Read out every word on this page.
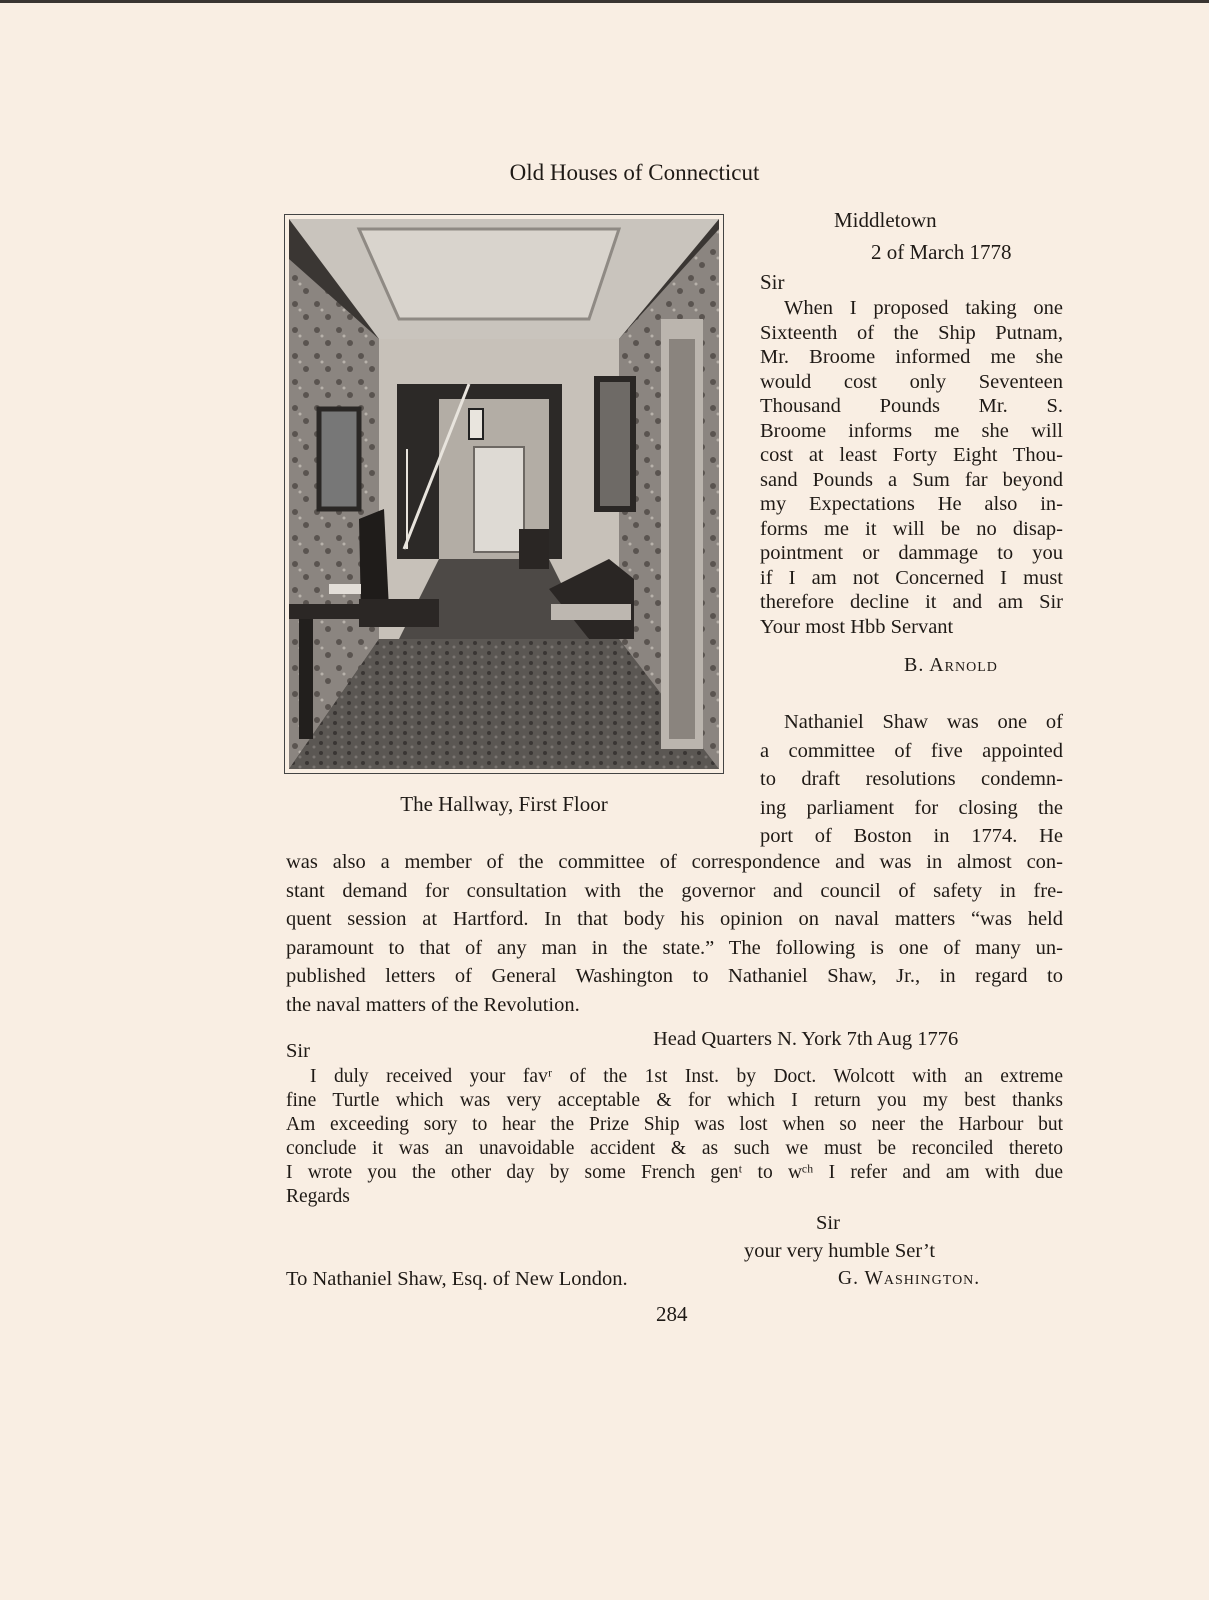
Old Houses of Connecticut
The Hallway, First Floor
Middletown
2 of March 1778
Sir

When I proposed taking one

Sixteenth of the Ship Putnam,

Mr. Broome informed me she

would cost only Seventeen

Thousand Pounds Mr. S.

Broome informs me she will

cost at least Forty Eight Thou-

sand Pounds a Sum far beyond

my Expectations He also in-

forms me it will be no disap-

pointment or dammage to you

if I am not Concerned I must

therefore decline it and am Sir

Your most Hbb Servant

B. Arnold

Nathaniel Shaw was one of

a committee of five appointed

to draft resolutions condemn-

ing parliament for closing the

port of Boston in 1774. He

was also a member of the committee of correspondence and was in almost con-

stant demand for consultation with the governor and council of safety in fre-

quent session at Hartford. In that body his opinion on naval matters “was held

paramount to that of any man in the state.” The following is one of many un-

published letters of General Washington to Nathaniel Shaw, Jr., in regard to

the naval matters of the Revolution.

Head Quarters N. York 7th Aug 1776
Sir

I duly received your favʳ of the 1st Inst. by Doct. Wolcott with an extreme

fine Turtle which was very acceptable & for which I return you my best thanks

Am exceeding sory to hear the Prize Ship was lost when so neer the Harbour but

conclude it was an unavoidable accident & as such we must be reconciled thereto

I wrote you the other day by some French genᵗ to wᶜʰ I refer and am with due

Regards

Sir
your very humble Ser’t
To Nathaniel Shaw, Esq. of New London.	G. Washington.
284
